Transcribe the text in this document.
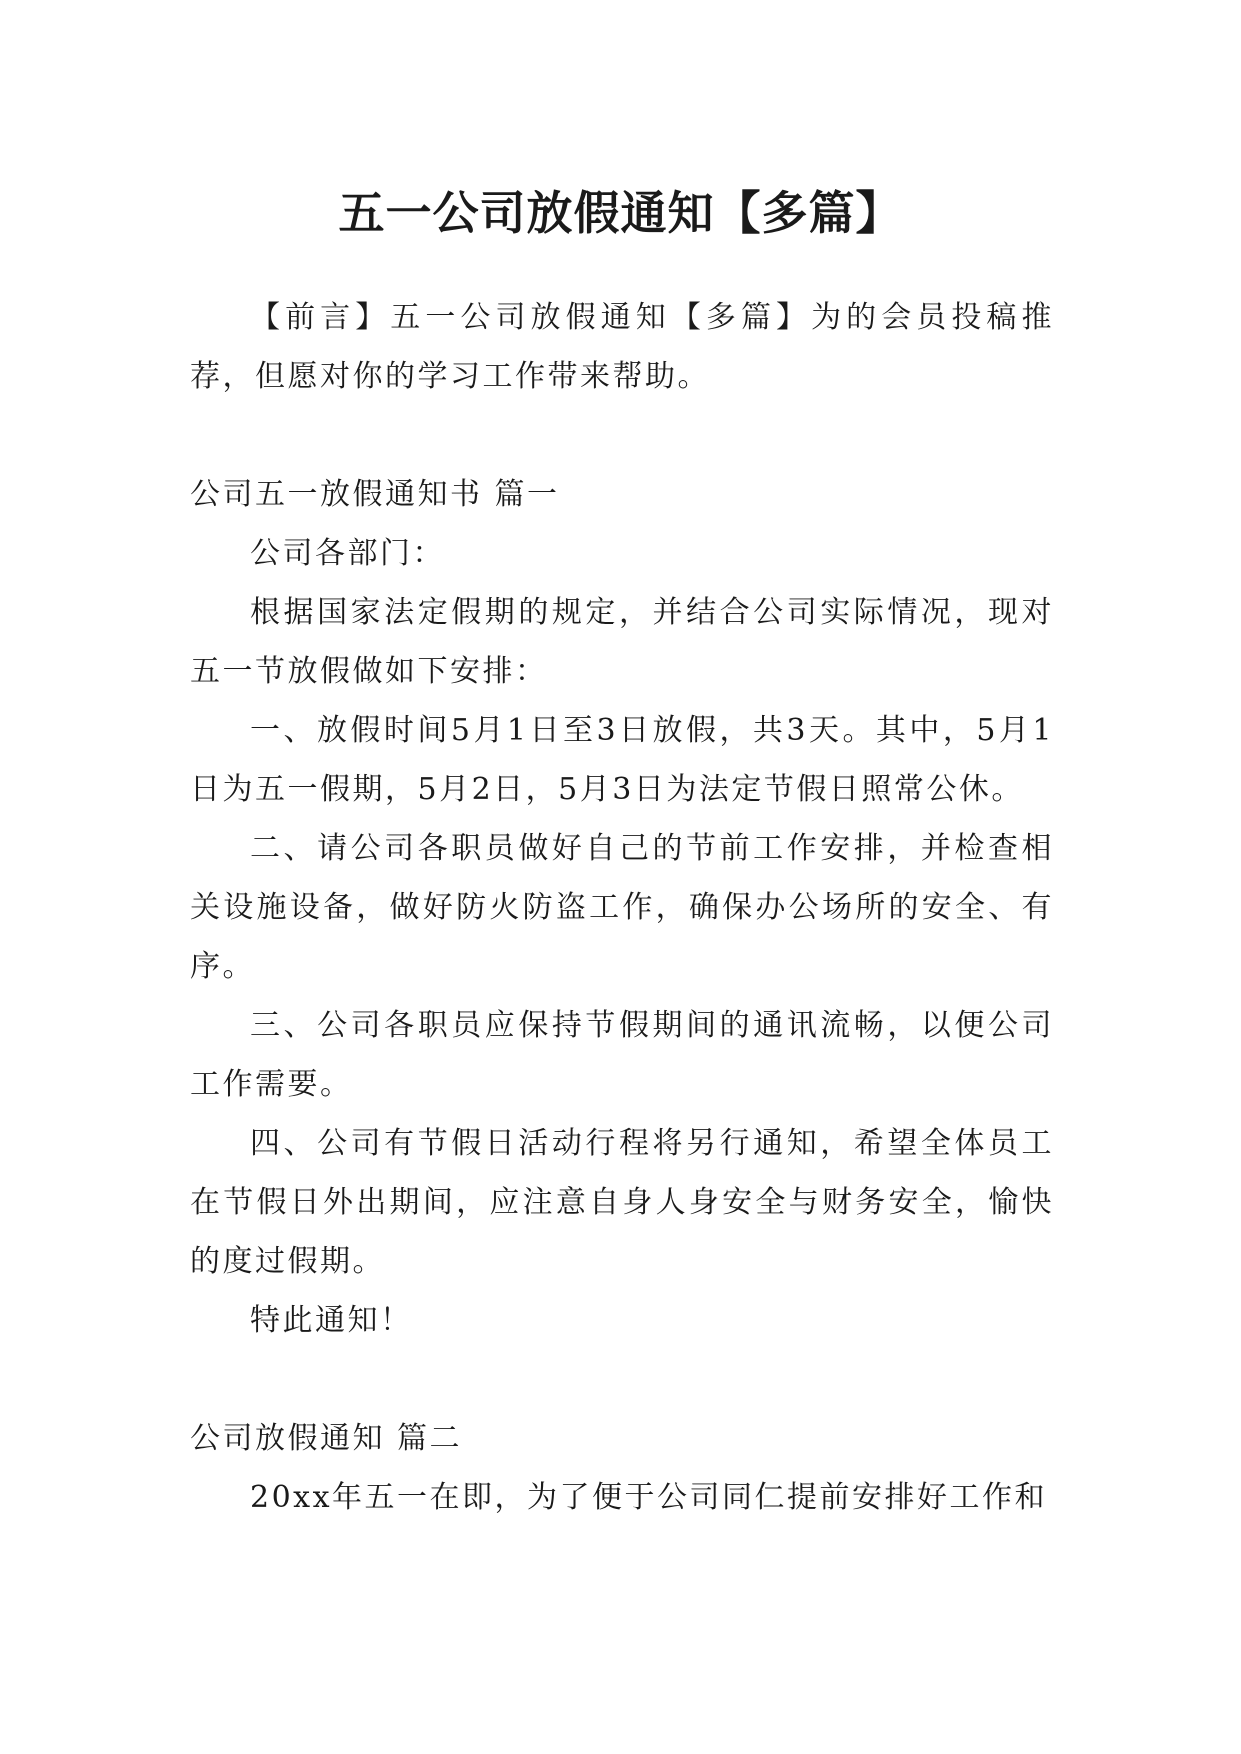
五一公司放假通知【多篇】

【前言】五一公司放假通知【多篇】为的会员投稿推荐，但愿对你的学习工作带来帮助。

公司五一放假通知书 篇一

公司各部门：

根据国家法定假期的规定，并结合公司实际情况，现对五一节放假做如下安排：

一、放假时间5月1日至3日放假，共3天。其中，5月1日为五一假期，5月2日，5月3日为法定节假日照常公休。

二、请公司各职员做好自己的节前工作安排，并检查相关设施设备，做好防火防盗工作，确保办公场所的安全、有序。

三、公司各职员应保持节假期间的通讯流畅，以便公司工作需要。

四、公司有节假日活动行程将另行通知，希望全体员工在节假日外出期间，应注意自身人身安全与财务安全，愉快的度过假期。

特此通知！

公司放假通知 篇二

20xx年五一在即，为了便于公司同仁提前安排好工作和
